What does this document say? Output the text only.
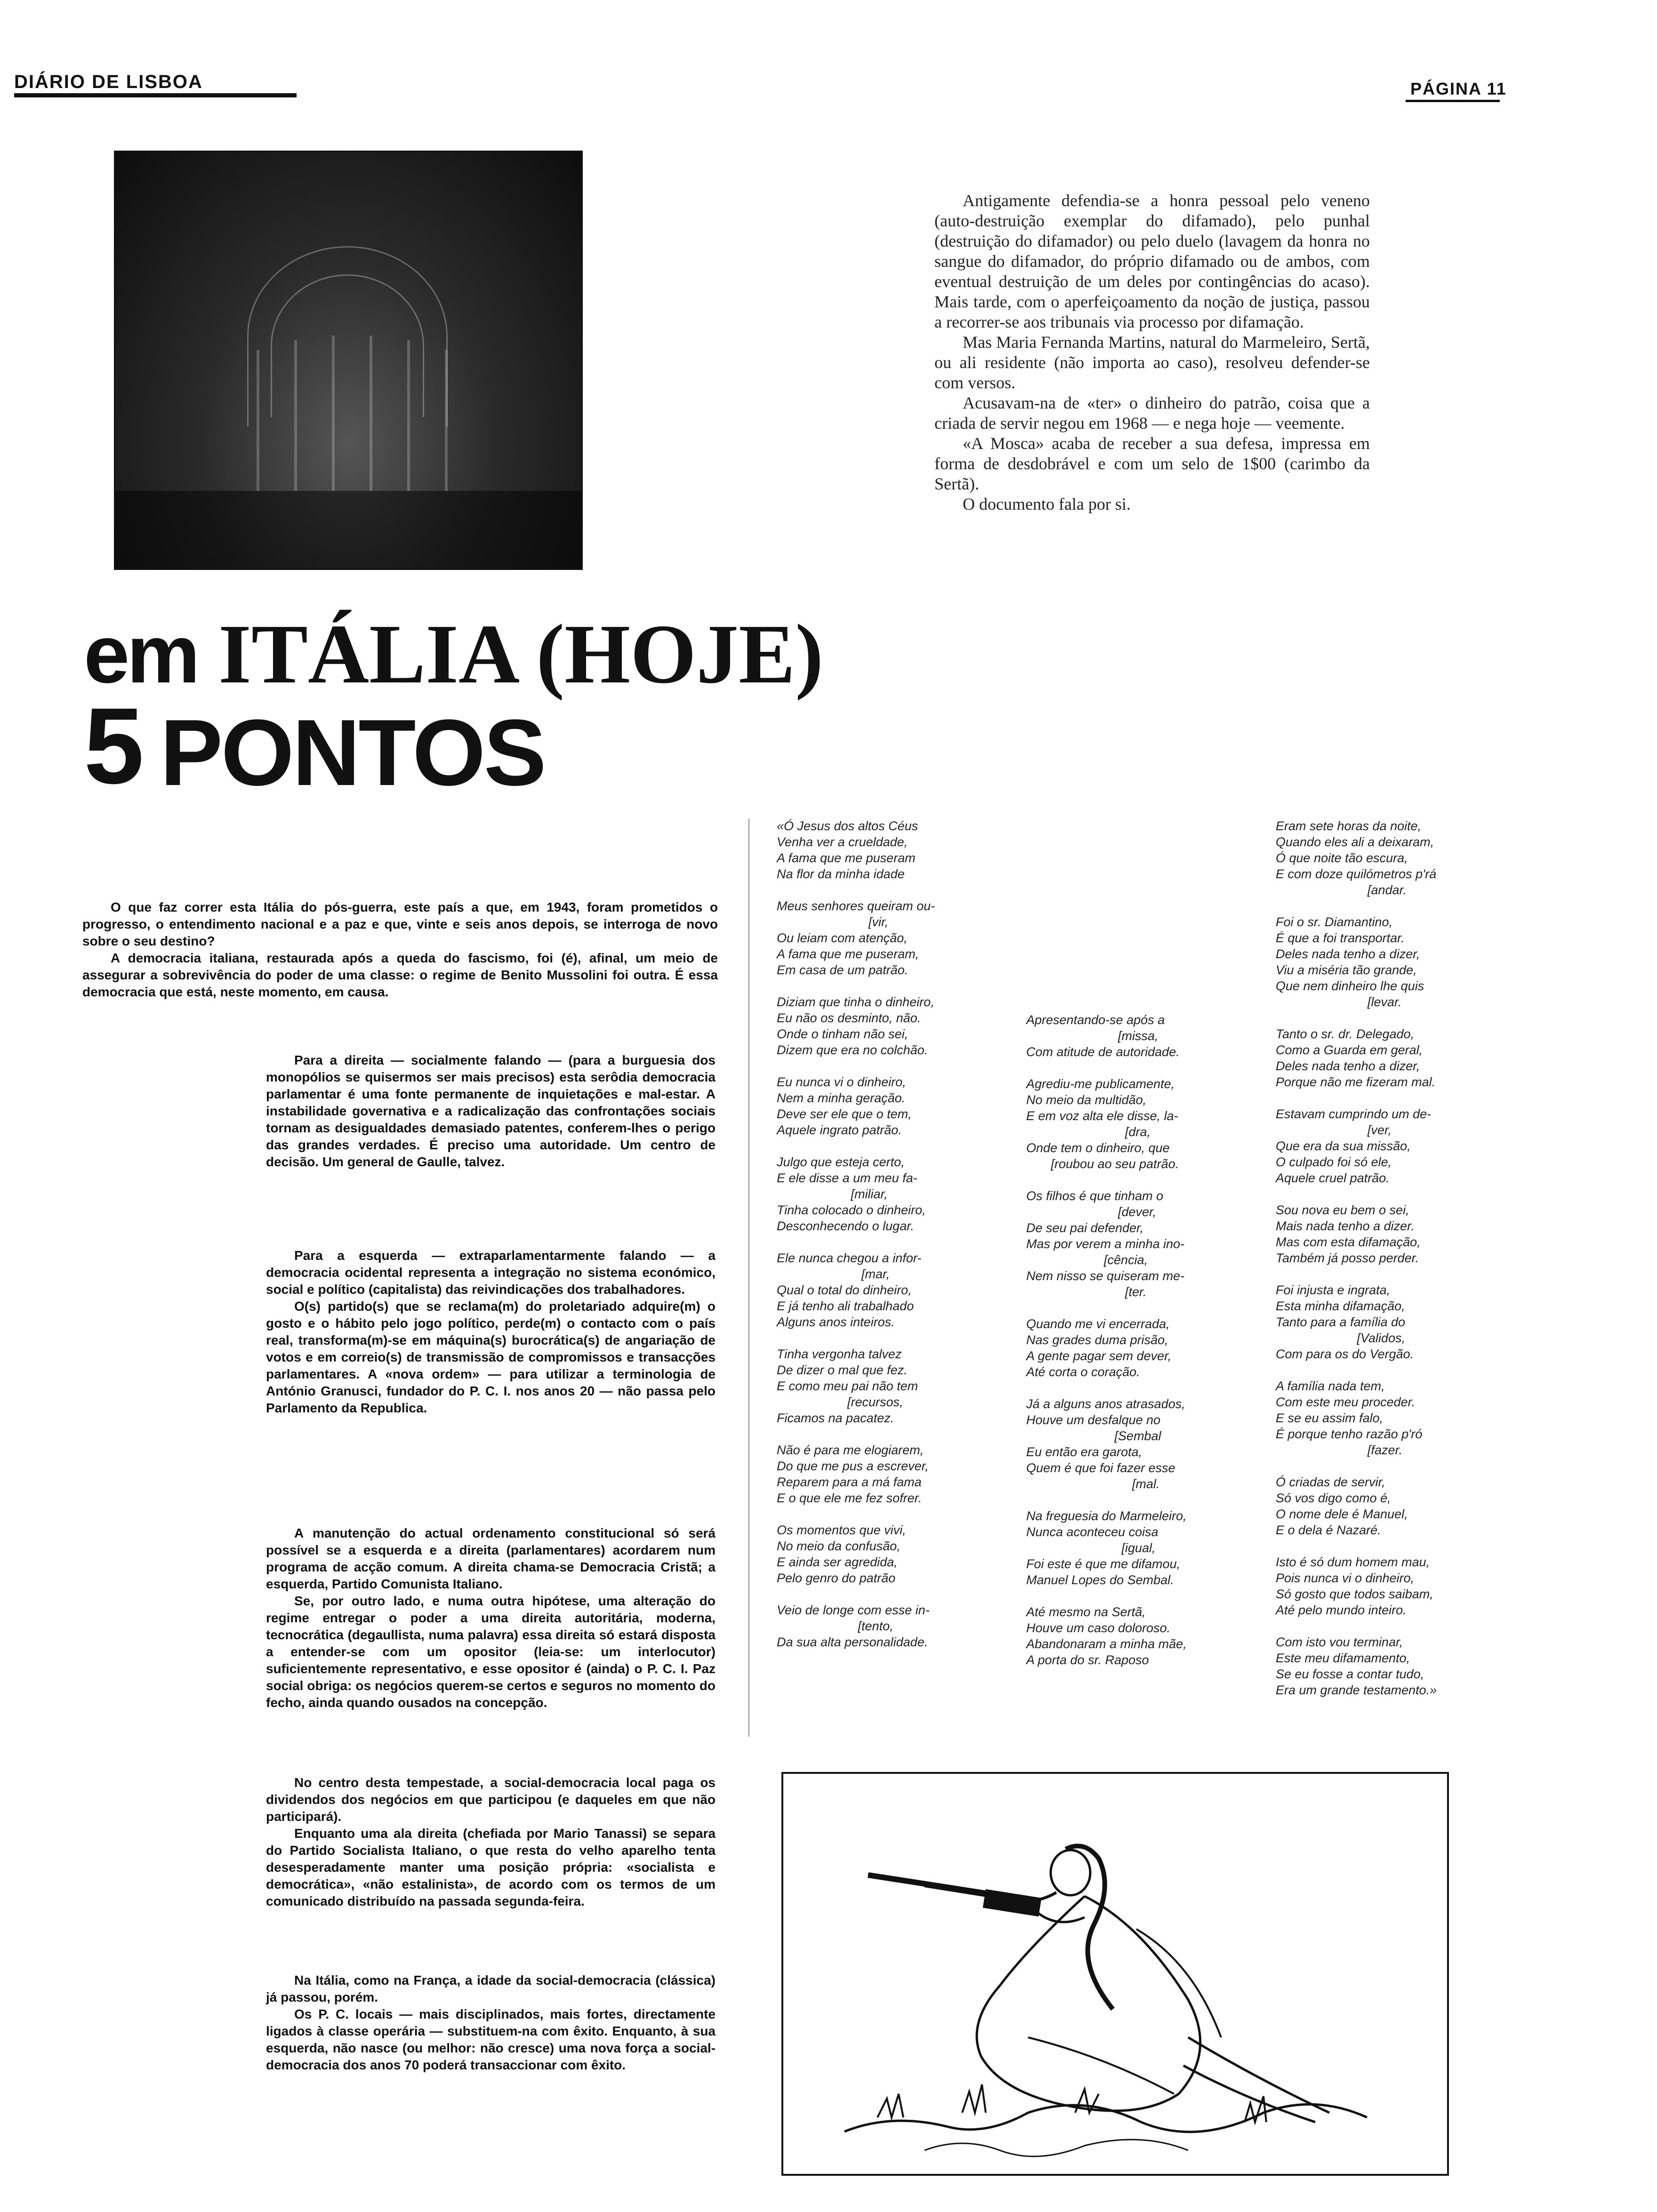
DIÁRIO DE LISBOA	PÁGINA 11
em ITÁLIA (HOJE)
5 PONTOS

O que faz correr esta Itália do pós-guerra, este país a que, em 1943, foram prometidos o progresso, o entendimento nacional e a paz e que, vinte e seis anos depois, se interroga de novo sobre o seu destino?

A democracia italiana, restaurada após a queda do fascismo, foi (é), afinal, um meio de assegurar a sobrevivência do poder de uma classe: o regime de Benito Mussolini foi outra. É essa democracia que está, neste momento, em causa.

Para a direita — socialmente falando — (para a burguesia dos monopólios se quisermos ser mais precisos) esta serôdia democracia parlamentar é uma fonte permanente de inquietações e mal-estar. A instabilidade governativa e a radicalização das confrontações sociais tornam as desigualdades demasiado patentes, conferem-lhes o perigo das grandes verdades. É preciso uma autoridade. Um centro de decisão. Um general de Gaulle, talvez.

Para a esquerda — extraparlamentarmente falando — a democracia ocidental representa a integração no sistema económico, social e político (capitalista) das reivindicações dos trabalhadores.

O(s) partido(s) que se reclama(m) do proletariado adquire(m) o gosto e o hábito pelo jogo político, perde(m) o contacto com o país real, transforma(m)-se em máquina(s) burocrática(s) de angariação de votos e em correio(s) de transmissão de compromissos e transacções parlamentares. A «nova ordem» — para utilizar a terminologia de António Granusci, fundador do P. C. I. nos anos 20 — não passa pelo Parlamento da Republica.

A manutenção do actual ordenamento constitucional só será possível se a esquerda e a direita (parlamentares) acordarem num programa de acção comum. A direita chama-se Democracia Cristã; a esquerda, Partido Comunista Italiano.

Se, por outro lado, e numa outra hipótese, uma alteração do regime entregar o poder a uma direita autoritária, moderna, tecnocrática (degaullista, numa palavra) essa direita só estará disposta a entender-se com um opositor (leia-se: um interlocutor) suficientemente representativo, e esse opositor é (ainda) o P. C. I. Paz social obriga: os negócios querem-se certos e seguros no momento do fecho, ainda quando ousados na concepção.

No centro desta tempestade, a social-democracia local paga os dividendos dos negócios em que participou (e daqueles em que não participará).

Enquanto uma ala direita (chefiada por Mario Tanassi) se separa do Partido Socialista Italiano, o que resta do velho aparelho tenta desesperadamente manter uma posição própria: «socialista e democrática», «não estalinista», de acordo com os termos de um comunicado distribuído na passada segunda-feira.

Na Itália, como na França, a idade da social-democracia (clássica) já passou, porém.

Os P. C. locais — mais disciplinados, mais fortes, directamente ligados à classe operária — substituem-na com êxito. Enquanto, à sua esquerda, não nasce (ou melhor: não cresce) uma nova força a social-democracia dos anos 70 poderá transaccionar com êxito.

Antigamente defendia-se a honra pessoal pelo veneno (auto-destruição exemplar do difamado), pelo punhal (destruição do difamador) ou pelo duelo (lavagem da honra no sangue do difamador, do próprio difamado ou de ambos, com eventual destruição de um deles por contingências do acaso). Mais tarde, com o aperfeiçoamento da noção de justiça, passou a recorrer-se aos tribunais via processo por difamação.

Mas Maria Fernanda Martins, natural do Marmeleiro, Sertã, ou ali residente (não importa ao caso), resolveu defender-se com versos.

Acusavam-na de «ter» o dinheiro do patrão, coisa que a criada de servir negou em 1968 — e nega hoje — veemente.

«A Mosca» acaba de receber a sua defesa, impressa em forma de desdobrável e com um selo de 1$00 (carimbo da Sertã).

O documento fala por si.

«Ó Jesus dos altos Céus
Venha ver a crueldade,
A fama que me puseram
Na flor da minha idade
Meus senhores queiram ou-
[vir,
Ou leiam com atenção,
A fama que me puseram,
Em casa de um patrão.
Diziam que tinha o dinheiro,
Eu não os desminto, não.
Onde o tinham não sei,
Dizem que era no colchão.
Eu nunca vi o dinheiro,
Nem a minha geração.
Deve ser ele que o tem,
Aquele ingrato patrão.
Julgo que esteja certo,
E ele disse a um meu fa-
[miliar,
Tinha colocado o dinheiro,
Desconhecendo o lugar.
Ele nunca chegou a infor-
[mar,
Qual o total do dinheiro,
E já tenho ali trabalhado
Alguns anos inteiros.
Tinha vergonha talvez
De dizer o mal que fez.
E como meu pai não tem
[recursos,
Ficamos na pacatez.
Não é para me elogiarem,
Do que me pus a escrever,
Reparem para a má fama
E o que ele me fez sofrer.
Os momentos que vivi,
No meio da confusão,
E ainda ser agredida,
Pelo genro do patrão
Veio de longe com esse in-
[tento,
Da sua alta personalidade.
Apresentando-se após a
[missa,
Com atitude de autoridade.
Agrediu-me publicamente,
No meio da multidão,
E em voz alta ele disse, la-
[dra,
Onde tem o dinheiro, que
[roubou ao seu patrão.
Os filhos é que tinham o
[dever,
De seu pai defender,
Mas por verem a minha ino-
[cência,
Nem nisso se quiseram me-
[ter.
Quando me vi encerrada,
Nas grades duma prisão,
A gente pagar sem dever,
Até corta o coração.
Já a alguns anos atrasados,
Houve um desfalque no
[Sembal
Eu então era garota,
Quem é que foi fazer esse
[mal.
Na freguesia do Marmeleiro,
Nunca aconteceu coisa
[igual,
Foi este é que me difamou,
Manuel Lopes do Sembal.
Até mesmo na Sertã,
Houve um caso doloroso.
Abandonaram a minha mãe,
A porta do sr. Raposo
Eram sete horas da noite,
Quando eles ali a deixaram,
Ó que noite tão escura,
E com doze quilómetros p'rá
[andar.
Foi o sr. Diamantino,
É que a foi transportar.
Deles nada tenho a dizer,
Viu a miséria tão grande,
Que nem dinheiro lhe quis
[levar.
Tanto o sr. dr. Delegado,
Como a Guarda em geral,
Deles nada tenho a dizer,
Porque não me fizeram mal.
Estavam cumprindo um de-
[ver,
Que era da sua missão,
O culpado foi só ele,
Aquele cruel patrão.
Sou nova eu bem o sei,
Mais nada tenho a dizer.
Mas com esta difamação,
Também já posso perder.
Foi injusta e ingrata,
Esta minha difamação,
Tanto para a família do
[Validos,
Com para os do Vergão.
A família nada tem,
Com este meu proceder.
E se eu assim falo,
É porque tenho razão p'ró
[fazer.
Ó criadas de servir,
Só vos digo como é,
O nome dele é Manuel,
E o dela é Nazaré.
Isto é só dum homem mau,
Pois nunca vi o dinheiro,
Só gosto que todos saibam,
Até pelo mundo inteiro.
Com isto vou terminar,
Este meu difamamento,
Se eu fosse a contar tudo,
Era um grande testamento.»
